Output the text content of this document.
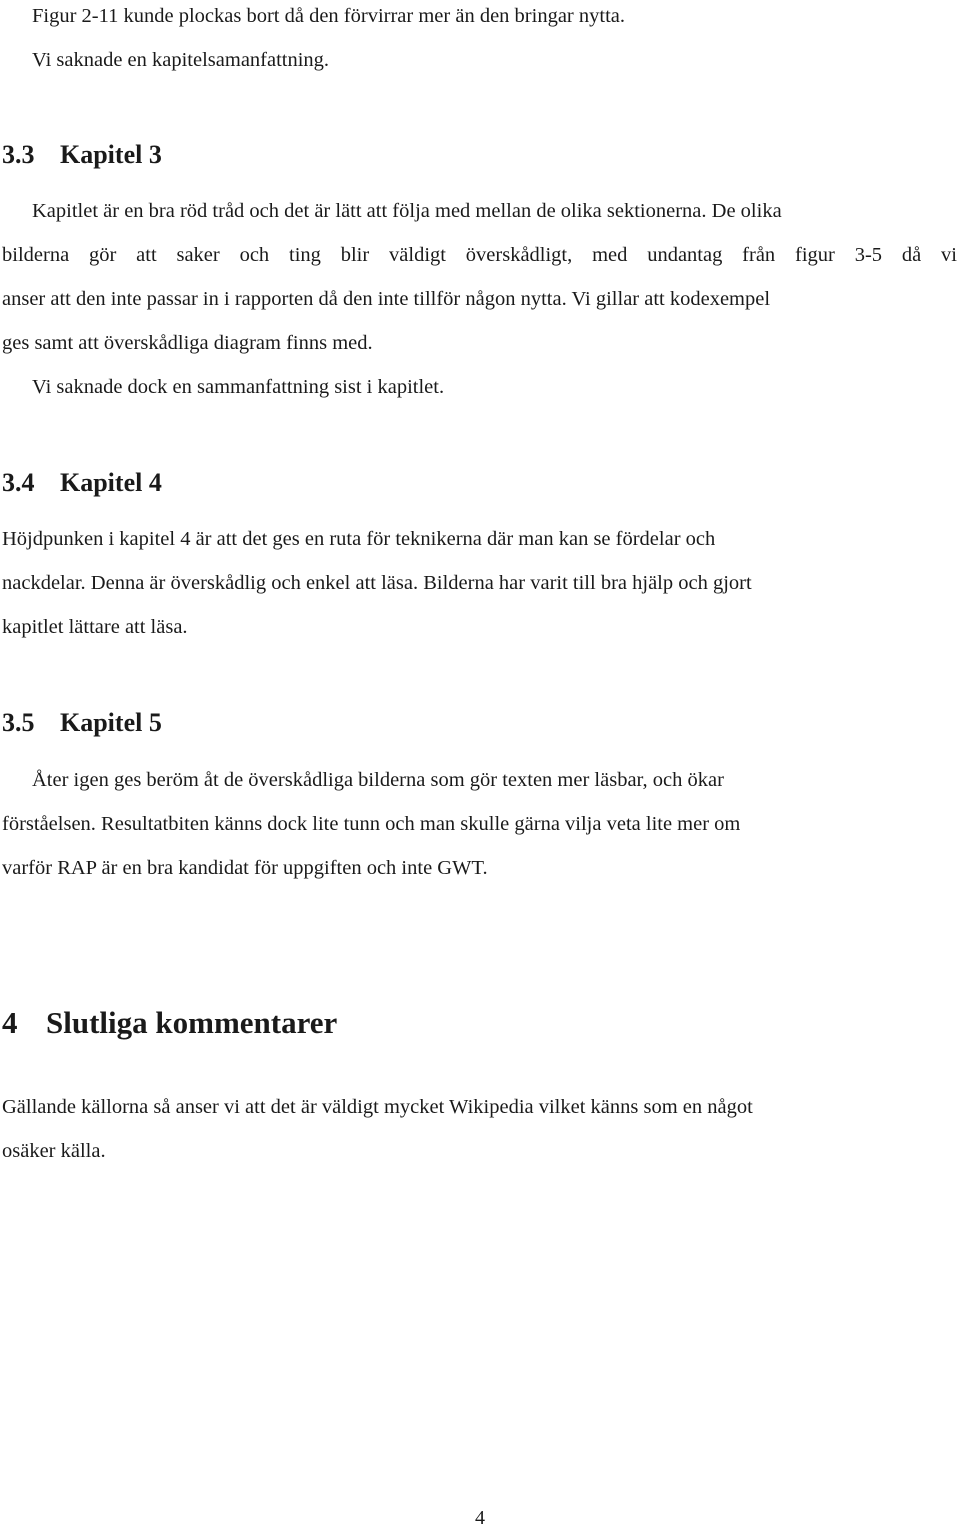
Figur 2-11 kunde plockas bort då den förvirrar mer än den bringar nytta.
Vi saknade en kapitelsamanfattning.

3.3 Kapitel 3

Kapitlet är en bra röd tråd och det är lätt att följa med mellan de olika sektionerna. De olika
bilderna gör att saker och ting blir väldigt överskådligt, med undantag från figur 3-5 då vi
anser att den inte passar in i rapporten då den inte tillför någon nytta. Vi gillar att kodexempel
ges samt att överskådliga diagram finns med.
Vi saknade dock en sammanfattning sist i kapitlet.

3.4 Kapitel 4

Höjdpunken i kapitel 4 är att det ges en ruta för teknikerna där man kan se fördelar och
nackdelar. Denna är överskådlig och enkel att läsa. Bilderna har varit till bra hjälp och gjort
kapitlet lättare att läsa.

3.5 Kapitel 5

Åter igen ges beröm åt de överskådliga bilderna som gör texten mer läsbar, och ökar
förståelsen. Resultatbiten känns dock lite tunn och man skulle gärna vilja veta lite mer om
varför RAP är en bra kandidat för uppgiften och inte GWT.

4 Slutliga kommentarer

Gällande källorna så anser vi att det är väldigt mycket Wikipedia vilket känns som en något
osäker källa.

4
